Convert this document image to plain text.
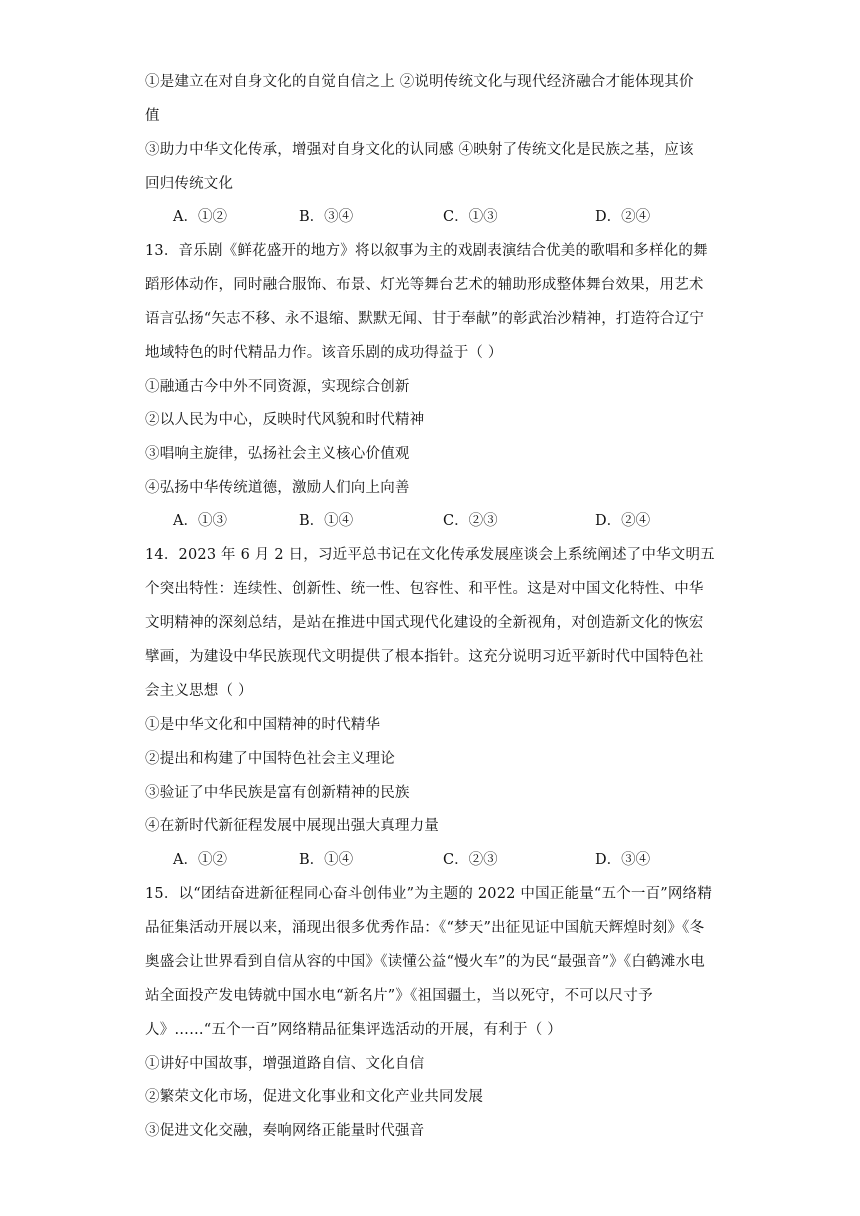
①是建立在对自身文化的自觉自信之上 ②说明传统文化与现代经济融合才能体现其价
值
③助力中华文化传承，增强对自身文化的认同感 ④映射了传统文化是民族之基，应该
回归传统文化
A．①②	B．③④	C．①③	D．②④
13．音乐剧《鲜花盛开的地方》将以叙事为主的戏剧表演结合优美的歌唱和多样化的舞
蹈形体动作，同时融合服饰、布景、灯光等舞台艺术的辅助形成整体舞台效果，用艺术
语言弘扬“矢志不移、永不退缩、默默无闻、甘于奉献”的彰武治沙精神，打造符合辽宁
地域特色的时代精品力作。该音乐剧的成功得益于（ ）
①融通古今中外不同资源，实现综合创新
②以人民为中心，反映时代风貌和时代精神
③唱响主旋律，弘扬社会主义核心价值观
④弘扬中华传统道德，激励人们向上向善
A．①③	B．①④	C．②③	D．②④
14．2023 年 6 月 2 日，习近平总书记在文化传承发展座谈会上系统阐述了中华文明五
个突出特性：连续性、创新性、统一性、包容性、和平性。这是对中国文化特性、中华
文明精神的深刻总结，是站在推进中国式现代化建设的全新视角，对创造新文化的恢宏
擘画，为建设中华民族现代文明提供了根本指针。这充分说明习近平新时代中国特色社
会主义思想（ ）
①是中华文化和中国精神的时代精华
②提出和构建了中国特色社会主义理论
③验证了中华民族是富有创新精神的民族
④在新时代新征程发展中展现出强大真理力量
A．①②	B．①④	C．②③	D．③④
15．以“团结奋进新征程同心奋斗创伟业”为主题的 2022 中国正能量“五个一百”网络精
品征集活动开展以来，涌现出很多优秀作品：《“梦天”出征见证中国航天辉煌时刻》《冬
奥盛会让世界看到自信从容的中国》《读懂公益“慢火车”的为民“最强音”》《白鹤滩水电
站全面投产发电铸就中国水电“新名片”》《祖国疆土，当以死守，不可以尺寸予
人》……“五个一百”网络精品征集评选活动的开展，有利于（ ）
①讲好中国故事，增强道路自信、文化自信
②繁荣文化市场，促进文化事业和文化产业共同发展
③促进文化交融，奏响网络正能量时代强音
